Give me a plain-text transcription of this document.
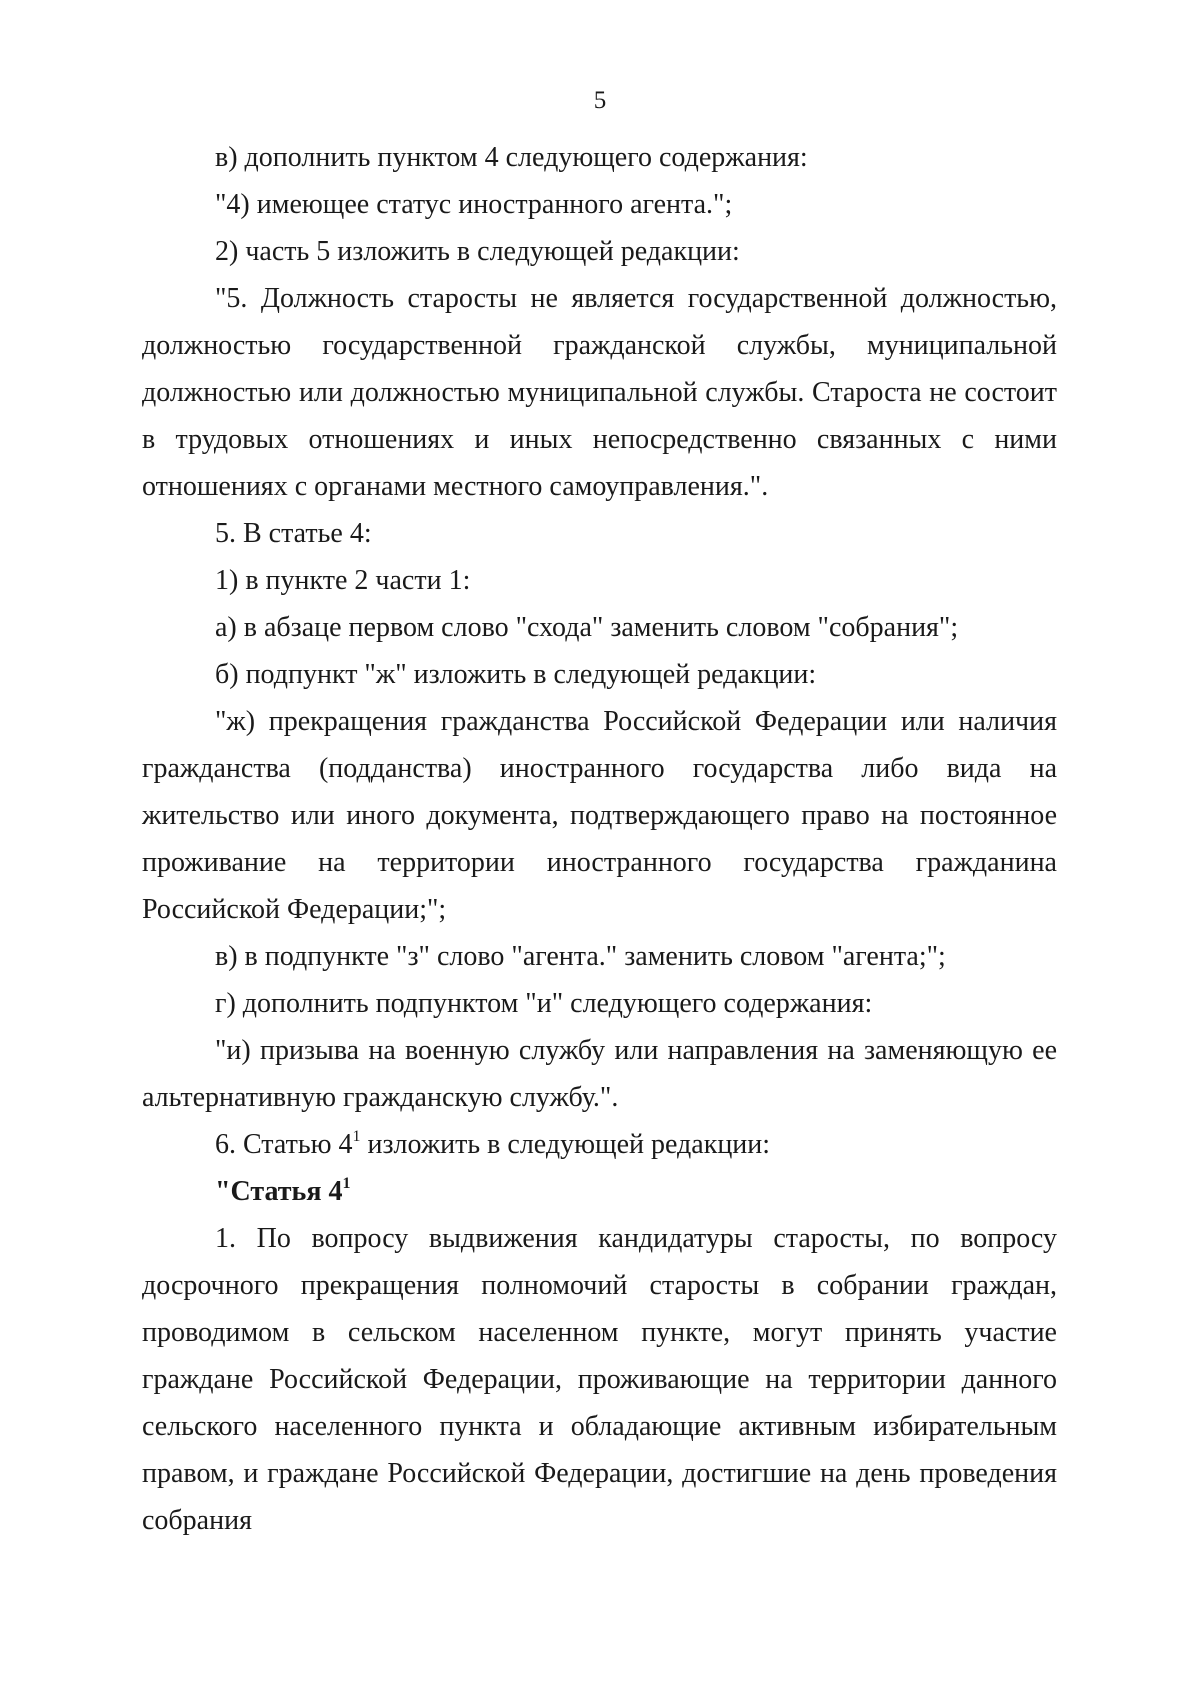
5

в) дополнить пунктом 4 следующего содержания:

"4) имеющее статус иностранного агента.";

2) часть 5 изложить в следующей редакции:

"5. Должность старосты не является государственной должностью, должностью государственной гражданской службы, муниципальной должностью или должностью муниципальной службы. Староста не состоит в трудовых отношениях и иных непосредственно связанных с ними отношениях с органами местного самоуправления.".

5. В статье 4:

1) в пункте 2 части 1:

а) в абзаце первом слово "схода" заменить словом "собрания";

б) подпункт "ж" изложить в следующей редакции:

"ж) прекращения гражданства Российской Федерации или наличия гражданства (подданства) иностранного государства либо вида на жительство или иного документа, подтверждающего право на постоянное проживание на территории иностранного государства гражданина Российской Федерации;";

в) в подпункте "з" слово "агента." заменить словом "агента;";

г) дополнить подпунктом "и" следующего содержания:

"и) призыва на военную службу или направления на заменяющую ее альтернативную гражданскую службу.".

6. Статью $4^1$ изложить в следующей редакции:

"Статья $4^1$

1. По вопросу выдвижения кандидатуры старосты, по вопросу досрочного прекращения полномочий старосты в собрании граждан, проводимом в сельском населенном пункте, могут принять участие граждане Российской Федерации, проживающие на территории данного сельского населенного пункта и обладающие активным избирательным правом, и граждане Российской Федерации, достигшие на день проведения собрания
